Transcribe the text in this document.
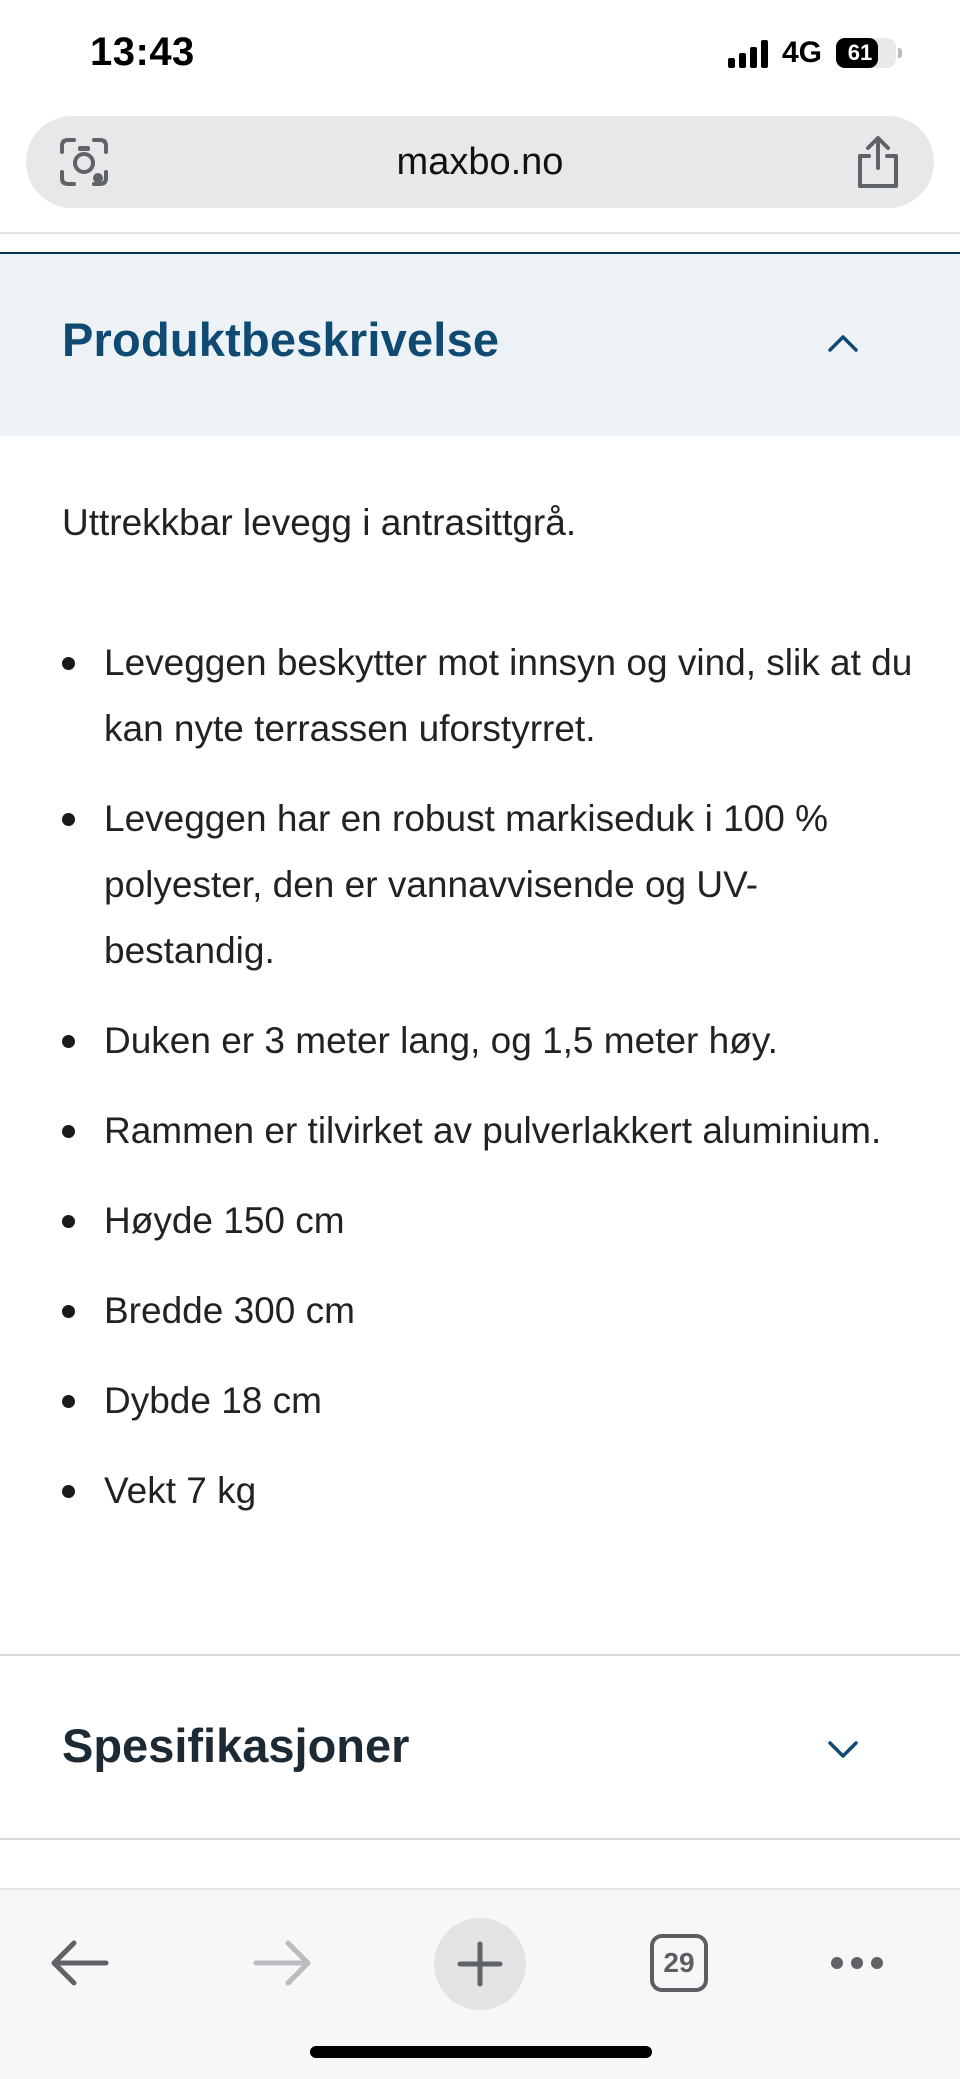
13:43	4G	61
maxbo.no
Produktbeskrivelse
Uttrekkbar levegg i antrasittgrå.
Leveggen beskytter mot innsyn og vind, slik at du kan nyte terrassen uforstyrret.
Leveggen har en robust markiseduk i 100 % polyester, den er vannavvisende og UV-bestandig.
Duken er 3 meter lang, og 1,5 meter høy.
Rammen er tilvirket av pulverlakkert aluminium.
Høyde 150 cm
Bredde 300 cm
Dybde 18 cm
Vekt 7 kg
Spesifikasjoner
29
